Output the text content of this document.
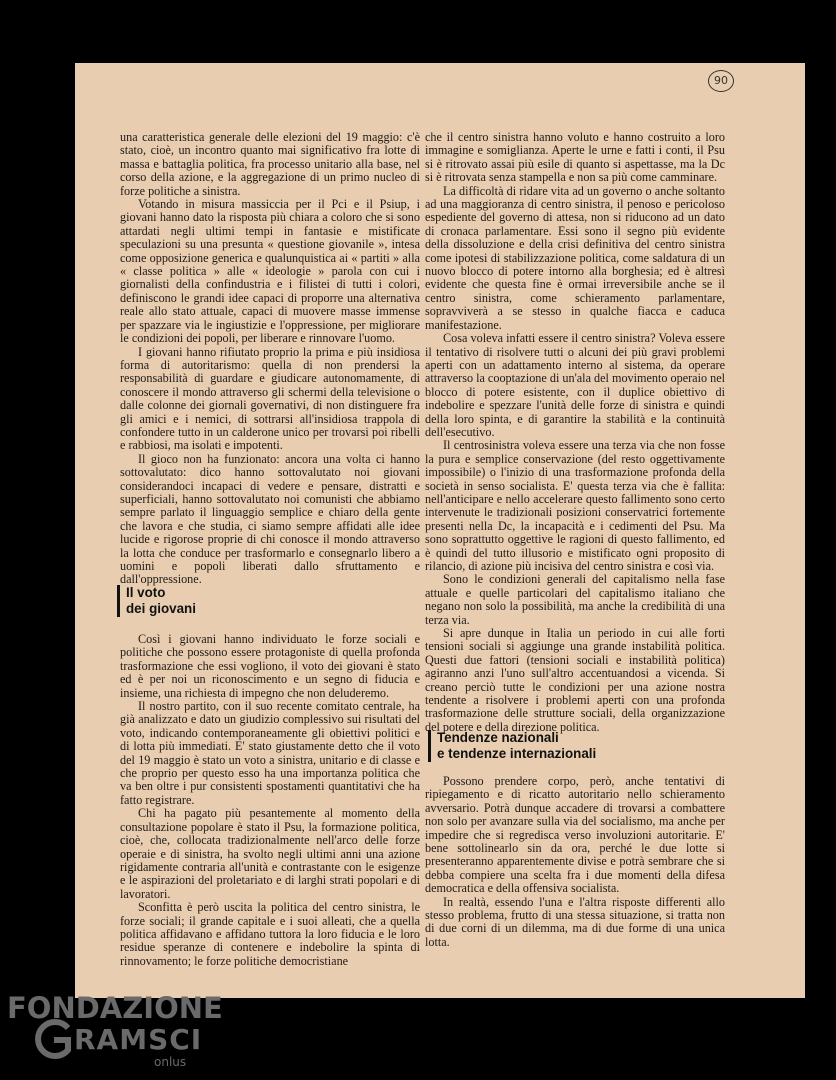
90

una caratteristica generale delle elezioni del 19 maggio: c'è stato, cioè, un incontro quanto mai significativo fra lotte di massa e battaglia politica, fra processo unitario alla base, nel corso della azione, e la aggregazione di un primo nucleo di forze politiche a sinistra.

Votando in misura massiccia per il Pci e il Psiup, i giovani hanno dato la risposta più chiara a coloro che si sono attardati negli ultimi tempi in fantasie e mistificate speculazioni su una presunta « questione giovanile », intesa come opposizione generica e qualunquistica ai « partiti » alla « classe politica » alle « ideologie » parola con cui i giornalisti della confindustria e i filistei di tutti i colori, definiscono le grandi idee capaci di proporre una alternativa reale allo stato attuale, capaci di muovere masse immense per spazzare via le ingiustizie e l'oppressione, per migliorare le condizioni dei popoli, per liberare e rinnovare l'uomo.

I giovani hanno rifiutato proprio la prima e più insidiosa forma di autoritarismo: quella di non prendersi la responsabilità di guardare e giudicare autonomamente, di conoscere il mondo attraverso gli schermi della televisione o dalle colonne dei giornali governativi, di non distinguere fra gli amici e i nemici, di sottrarsi all'insidiosa trappola di confondere tutto in un calderone unico per trovarsi poi ribelli e rabbiosi, ma isolati e impotenti.

Il gioco non ha funzionato: ancora una volta ci hanno sottovalutato: dico hanno sottovalutato noi giovani considerandoci incapaci di vedere e pensare, distratti e superficiali, hanno sottovalutato noi comunisti che abbiamo sempre parlato il linguaggio semplice e chiaro della gente che lavora e che studia, ci siamo sempre affidati alle idee lucide e rigorose proprie di chi conosce il mondo attraverso la lotta che conduce per trasformarlo e consegnarlo libero a uomini e popoli liberati dallo sfruttamento e dall'oppressione.

Il voto
dei giovani

Così i giovani hanno individuato le forze sociali e politiche che possono essere protagoniste di quella profonda trasformazione che essi vogliono, il voto dei giovani è stato ed è per noi un riconoscimento e un segno di fiducia e insieme, una richiesta di impegno che non deluderemo.

Il nostro partito, con il suo recente comitato centrale, ha già analizzato e dato un giudizio complessivo sui risultati del voto, indicando contemporaneamente gli obiettivi politici e di lotta più immediati. E' stato giustamente detto che il voto del 19 maggio è stato un voto a sinistra, unitario e di classe e che proprio per questo esso ha una importanza politica che va ben oltre i pur consistenti spostamenti quantitativi che ha fatto registrare.

Chi ha pagato più pesantemente al momento della consultazione popolare è stato il Psu, la formazione politica, cioè, che, collocata tradizionalmente nell'arco delle forze operaie e di sinistra, ha svolto negli ultimi anni una azione rigidamente contraria all'unità e contrastante con le esigenze e le aspirazioni del proletariato e di larghi strati popolari e di lavoratori.

Sconfitta è però uscita la politica del centro sinistra, le forze sociali; il grande capitale e i suoi alleati, che a quella politica affidavano e affidano tuttora la loro fiducia e le loro residue speranze di contenere e indebolire la spinta di rinnovamento; le forze politiche democristiane

che il centro sinistra hanno voluto e hanno costruito a loro immagine e somiglianza. Aperte le urne e fatti i conti, il Psu si è ritrovato assai più esile di quanto si aspettasse, ma la Dc si è ritrovata senza stampella e non sa più come camminare.

La difficoltà di ridare vita ad un governo o anche soltanto ad una maggioranza di centro sinistra, il penoso e pericoloso espediente del governo di attesa, non si riducono ad un dato di cronaca parlamentare. Essi sono il segno più evidente della dissoluzione e della crisi definitiva del centro sinistra come ipotesi di stabilizzazione politica, come saldatura di un nuovo blocco di potere intorno alla borghesia; ed è altresì evidente che questa fine è ormai irreversibile anche se il centro sinistra, come schieramento parlamentare, sopravviverà a se stesso in qualche fiacca e caduca manifestazione.

Cosa voleva infatti essere il centro sinistra? Voleva essere il tentativo di risolvere tutti o alcuni dei più gravi problemi aperti con un adattamento interno al sistema, da operare attraverso la cooptazione di un'ala del movimento operaio nel blocco di potere esistente, con il duplice obiettivo di indebolire e spezzare l'unità delle forze di sinistra e quindi della loro spinta, e di garantire la stabilità e la continuità dell'esecutivo.

Il centrosinistra voleva essere una terza via che non fosse la pura e semplice conservazione (del resto oggettivamente impossibile) o l'inizio di una trasformazione profonda della società in senso socialista. E' questa terza via che è fallita: nell'anticipare e nello accelerare questo fallimento sono certo intervenute le tradizionali posizioni conservatrici fortemente presenti nella Dc, la incapacità e i cedimenti del Psu. Ma sono soprattutto oggettive le ragioni di questo fallimento, ed è quindi del tutto illusorio e mistificato ogni proposito di rilancio, di azione più incisiva del centro sinistra e così via.

Sono le condizioni generali del capitalismo nella fase attuale e quelle particolari del capitalismo italiano che negano non solo la possibilità, ma anche la credibilità di una terza via.

Si apre dunque in Italia un periodo in cui alle forti tensioni sociali si aggiunge una grande instabilità politica. Questi due fattori (tensioni sociali e instabilità politica) agiranno anzi l'uno sull'altro accentuandosi a vicenda. Si creano perciò tutte le condizioni per una azione nostra tendente a risolvere i problemi aperti con una profonda trasformazione delle strutture sociali, della organizzazione del potere e della direzione politica.

Tendenze nazionali
e tendenze internazionali

Possono prendere corpo, però, anche tentativi di ripiegamento e di ricatto autoritario nello schieramento avversario. Potrà dunque accadere di trovarsi a combattere non solo per avanzare sulla via del socialismo, ma anche per impedire che si regredisca verso involuzioni autoritarie. E' bene sottolinearlo sin da ora, perché le due lotte si presenteranno apparentemente divise e potrà sembrare che si debba compiere una scelta fra i due momenti della difesa democratica e della offensiva socialista.

In realtà, essendo l'una e l'altra risposte differenti allo stesso problema, frutto di una stessa situazione, si tratta non di due corni di un dilemma, ma di due forme di una unica lotta.

FONDAZIONE
RAMSCI
onlus
